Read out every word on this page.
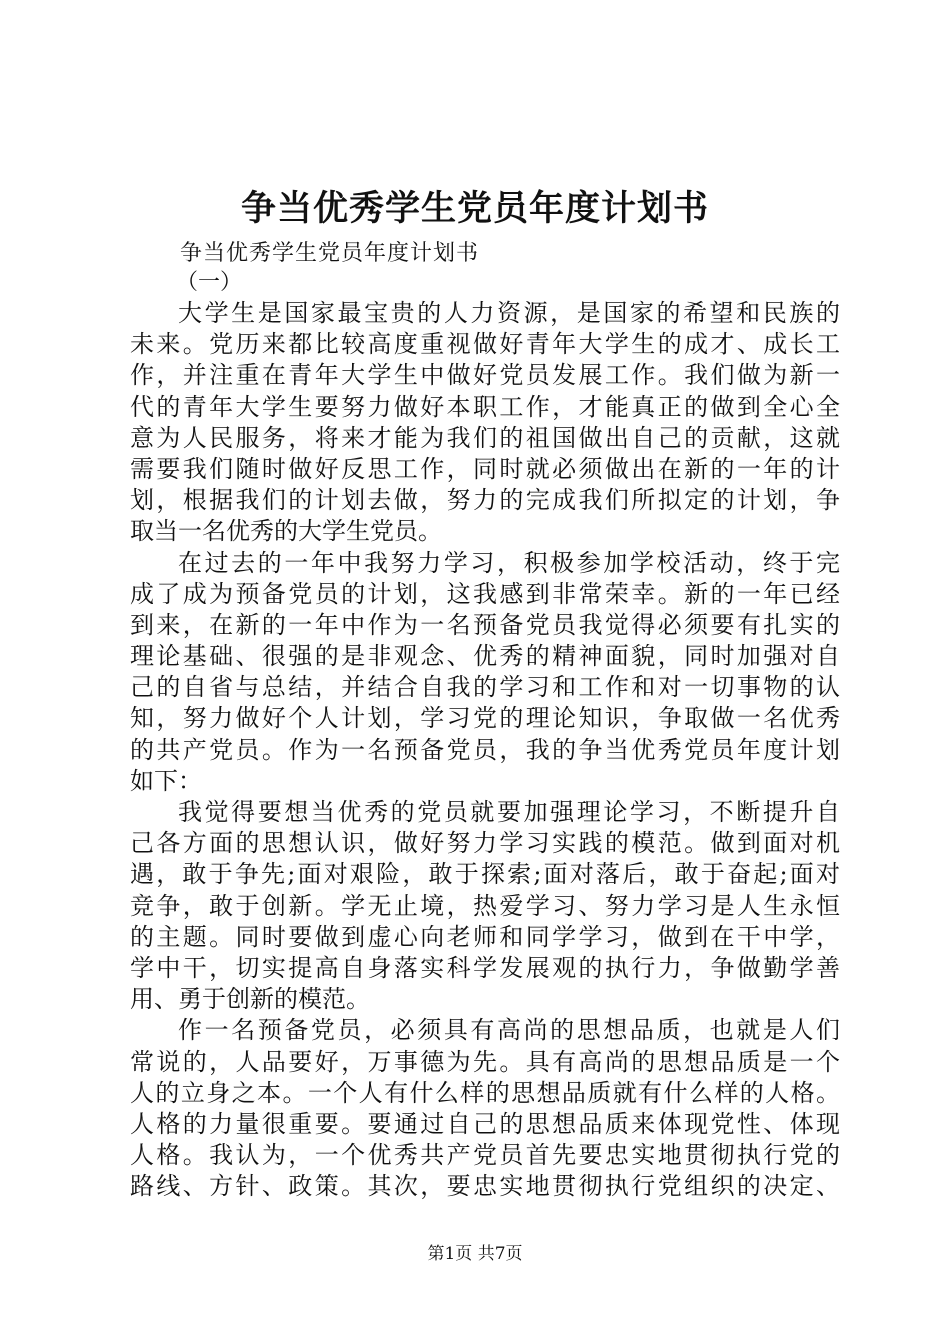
争当优秀学生党员年度计划书

争当优秀学生党员年度计划书

（一）

大学生是国家最宝贵的人力资源，是国家的希望和民族的
未来。党历来都比较高度重视做好青年大学生的成才、成长工
作，并注重在青年大学生中做好党员发展工作。我们做为新一
代的青年大学生要努力做好本职工作，才能真正的做到全心全
意为人民服务，将来才能为我们的祖国做出自己的贡献，这就
需要我们随时做好反思工作，同时就必须做出在新的一年的计
划，根据我们的计划去做，努力的完成我们所拟定的计划，争
取当一名优秀的大学生党员。
在过去的一年中我努力学习，积极参加学校活动，终于完
成了成为预备党员的计划，这我感到非常荣幸。新的一年已经
到来，在新的一年中作为一名预备党员我觉得必须要有扎实的
理论基础、很强的是非观念、优秀的精神面貌，同时加强对自
己的自省与总结，并结合自我的学习和工作和对一切事物的认
知，努力做好个人计划，学习党的理论知识，争取做一名优秀
的共产党员。作为一名预备党员，我的争当优秀党员年度计划
如下：
我觉得要想当优秀的党员就要加强理论学习，不断提升自
己各方面的思想认识，做好努力学习实践的模范。做到面对机
遇，敢于争先;面对艰险，敢于探索;面对落后，敢于奋起;面对
竞争，敢于创新。学无止境，热爱学习、努力学习是人生永恒
的主题。同时要做到虚心向老师和同学学习，做到在干中学，
学中干，切实提高自身落实科学发展观的执行力，争做勤学善
用、勇于创新的模范。
作一名预备党员，必须具有高尚的思想品质，也就是人们
常说的，人品要好，万事德为先。具有高尚的思想品质是一个
人的立身之本。一个人有什么样的思想品质就有什么样的人格。
人格的力量很重要。要通过自己的思想品质来体现党性、体现
人格。我认为，一个优秀共产党员首先要忠实地贯彻执行党的
路线、方针、政策。其次，要忠实地贯彻执行党组织的决定、

第1页 共7页
